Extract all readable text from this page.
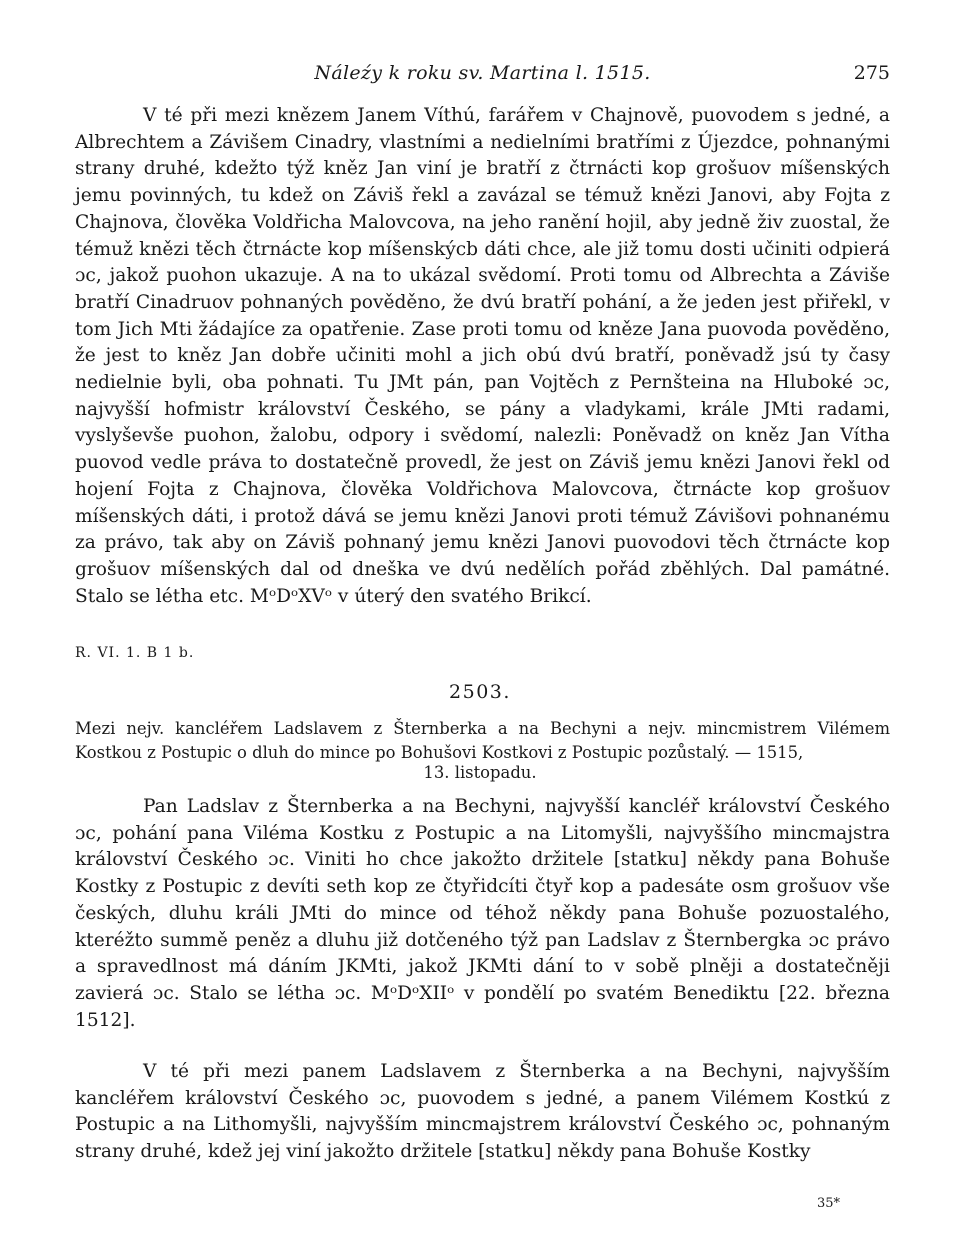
Náleźy k roku sv. Martina l. 1515.	275

V té při mezi knězem Janem Víthú, farářem v Chajnově, puovodem s jedné, a Albrechtem a Závišem Cinadry, vlastními a nedielními bratřími z Újezdce, pohnanými strany druhé, kdežto týž kněz Jan viní je bratří z čtrnácti kop grošuov míšenských jemu povinných, tu kdež on Záviš řekl a zavázal se témuž knězi Janovi, aby Fojta z Chajnova, člověka Voldřicha Malovcova, na jeho ranění hojil, aby jedně živ zuostal, že témuž knězi těch čtrnácte kop míšenskýcb dáti chce, ale již tomu dosti učiniti odpierá ɔc, jakož puohon ukazuje. A na to ukázal svědomí. Proti tomu od Albrechta a Záviše bratří Cinadruov pohnaných pověděno, že dvú bratří pohání, a že jeden jest přiřekl, v tom Jich Mti žádajíce za opatřenie. Zase proti tomu od kněze Jana puovoda pověděno, že jest to kněz Jan dobře učiniti mohl a jich obú dvú bratří, poněvadž jsú ty časy nedielnie byli, oba pohnati. Tu JMt pán, pan Vojtěch z Pernšteina na Hluboké ɔc, najvyšší hofmistr království Českého, se pány a vladykami, krále JMti radami, vyslyševše puohon, žalobu, odpory i svědomí, nalezli: Poněvadž on kněz Jan Vítha puovod vedle práva to dostatečně provedl, že jest on Záviš jemu knězi Janovi řekl od hojení Fojta z Chajnova, člověka Voldřichova Malovcova, čtrnácte kop grošuov míšenských dáti, i protož dává se jemu knězi Janovi proti témuž Závišovi pohnanému za právo, tak aby on Záviš pohnaný jemu knězi Janovi puovodovi těch čtrnácte kop grošuov míšenských dal od dneška ve dvú nedělích pořád zběhlých. Dal památné. Stalo se létha etc. MᵒDᵒXVᵒ v úterý den svatého Brikcí.

R. VI. 1. B 1 b.
2503.

Mezi nejv. kancléřem Ladslavem z Šternberka a na Bechyni a nejv. mincmistrem Vilémem Kostkou z Postupic o dluh do mince po Bohušovi Kostkovi z Postupic pozůstalý. — 1515,

13. listopadu.

Pan Ladslav z Šternberka a na Bechyni, najvyšší kancléř království Českého ɔc, pohání pana Viléma Kostku z Postupic a na Litomyšli, najvyššího mincmajstra království Českého ɔc. Viniti ho chce jakožto držitele [statku] někdy pana Bohuše Kostky z Postupic z devíti seth kop ze čtyřidcíti čtyř kop a padesáte osm grošuov vše českých, dluhu králi JMti do mince od téhož někdy pana Bohuše pozuostalého, kteréžto summě peněz a dluhu již dotčeného týž pan Ladslav z Šternbergka ɔc právo a spravedlnost má dáním JKMti, jakož JKMti dání to v sobě plněji a dostatečněji zavierá ɔc. Stalo se létha ɔc. MᵒDᵒXIIᵒ v pondělí po svatém Benediktu [22. března 1512].

V té při mezi panem Ladslavem z Šternberka a na Bechyni, najvyšším kancléřem království Českého ɔc, puovodem s jedné, a panem Vilémem Kostkú z Postupic a na Lithomyšli, najvyšším mincmajstrem království Českého ɔc, pohnaným strany druhé, kdež jej viní jakožto držitele [statku] někdy pana Bohuše Kostky

35*
